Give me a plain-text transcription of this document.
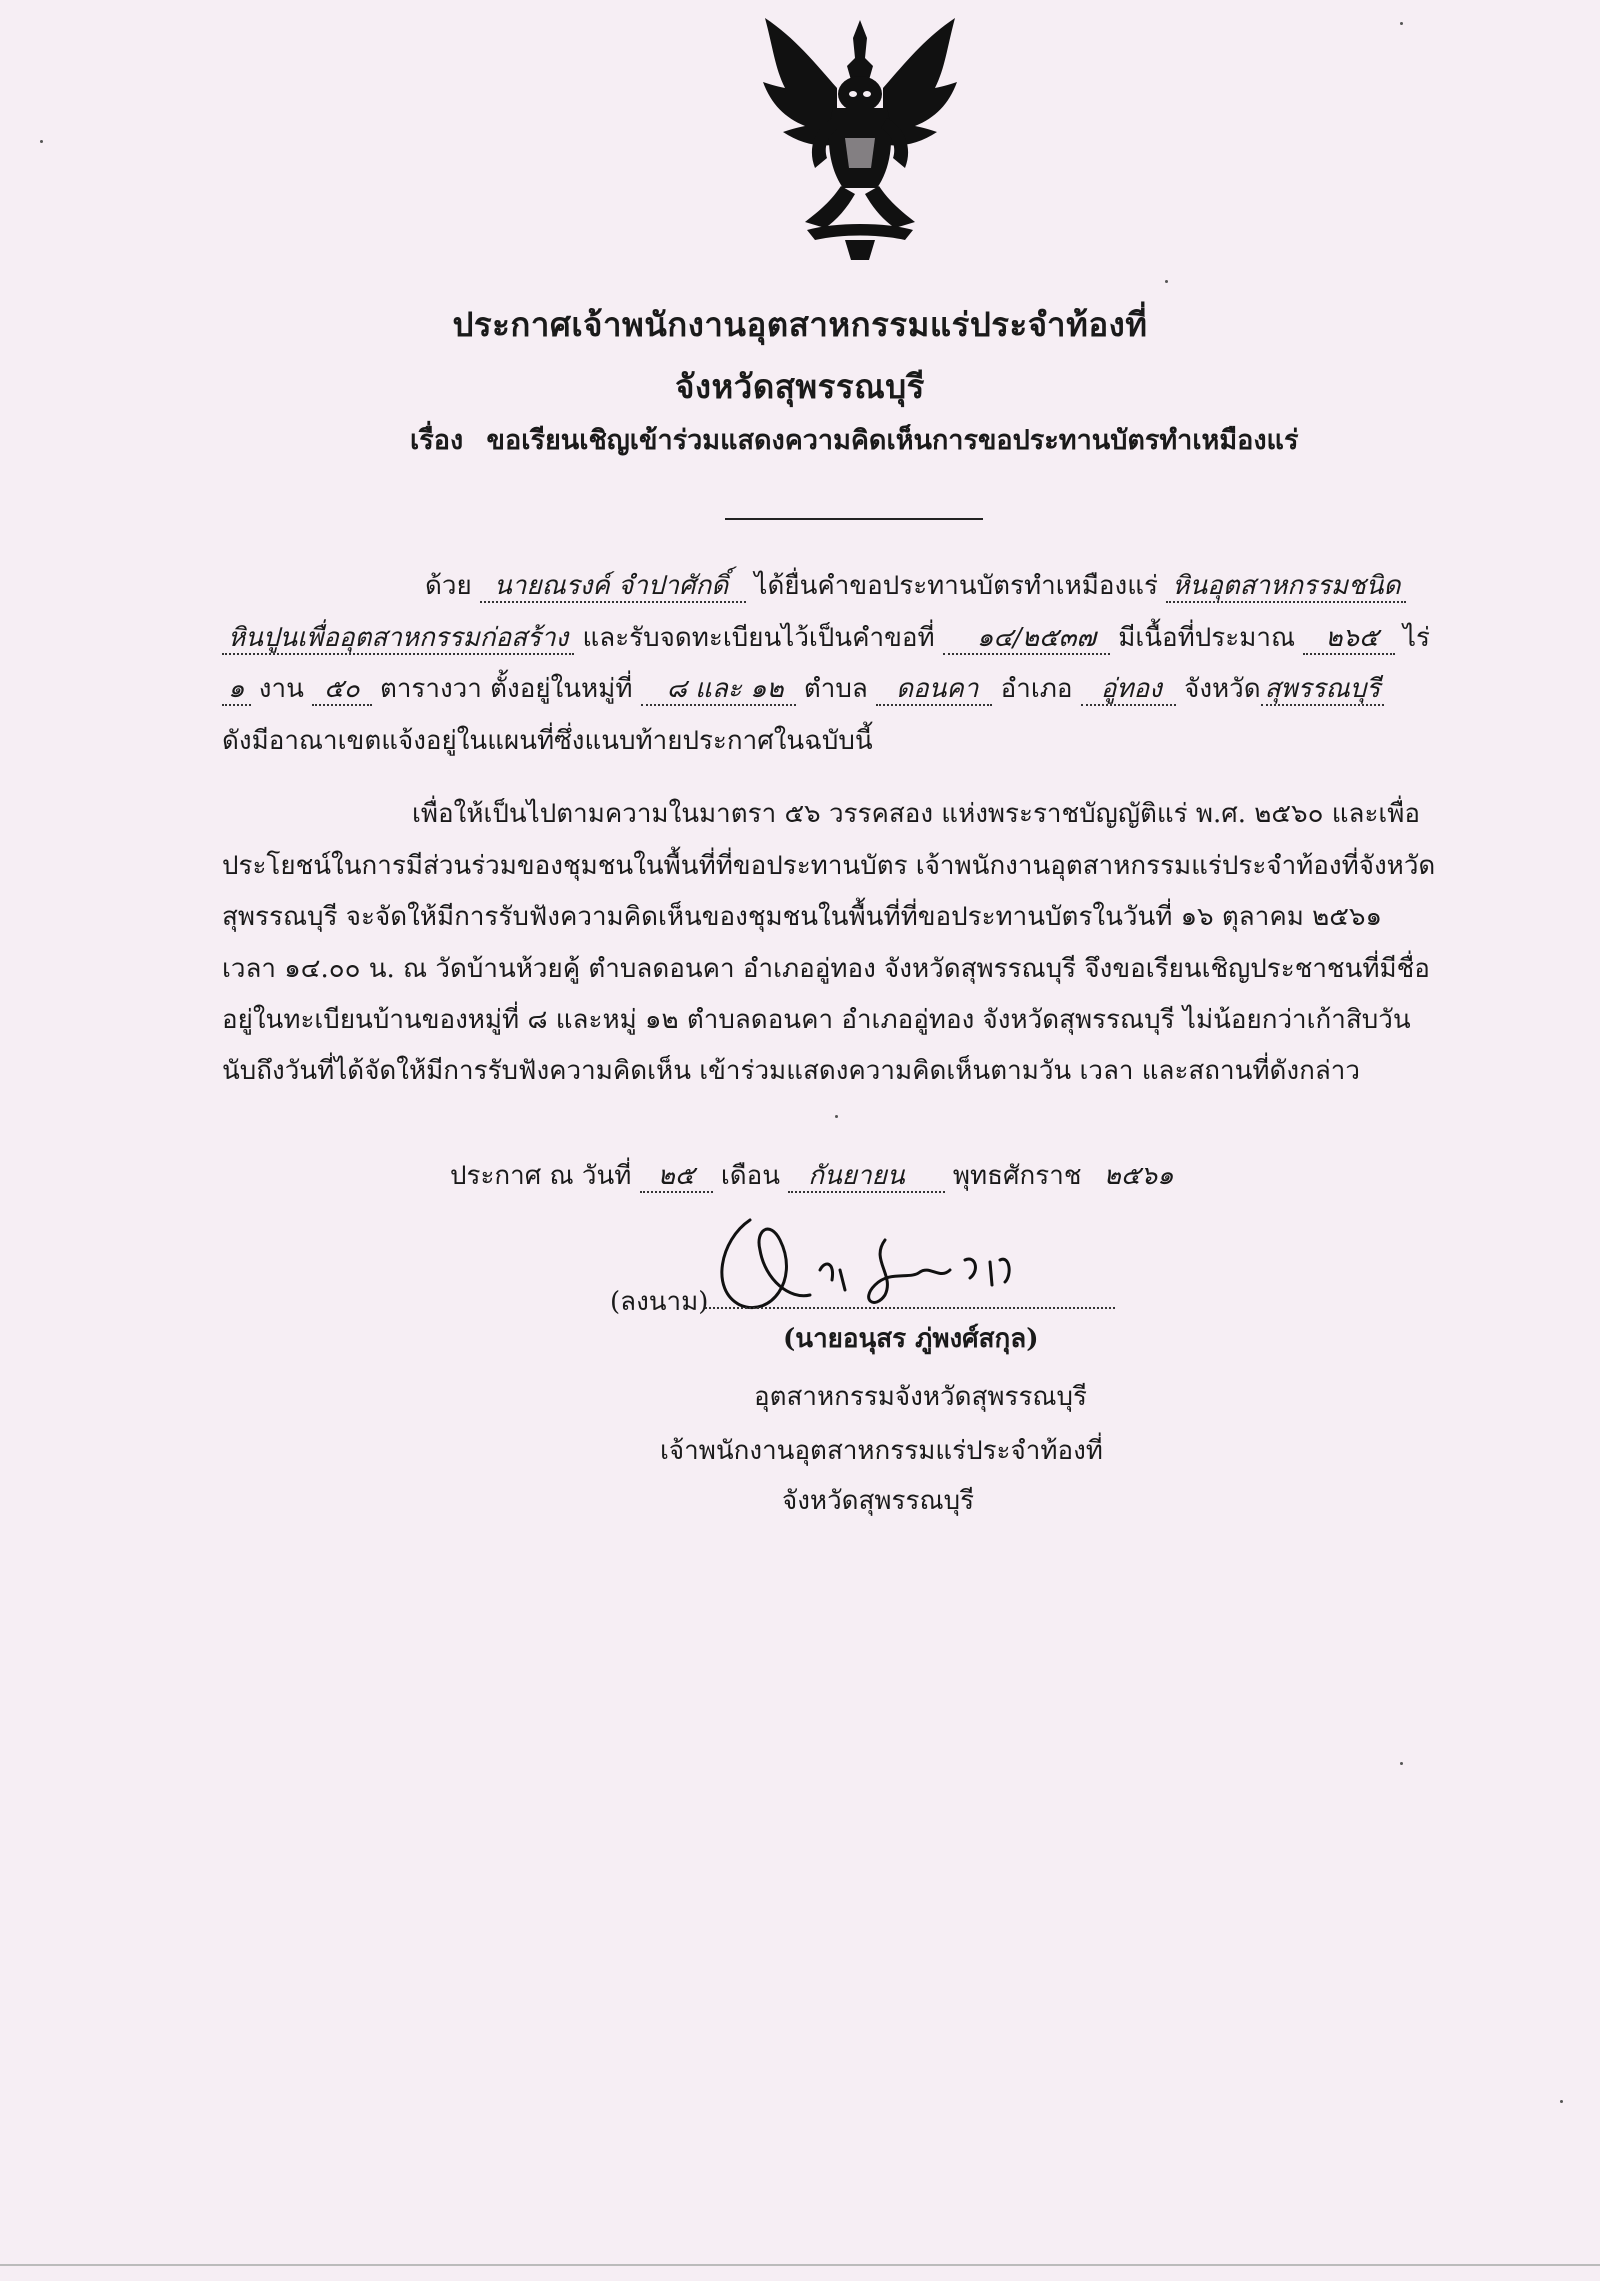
ประกาศเจ้าพนักงานอุตสาหกรรมแร่ประจำท้องที่
จังหวัดสุพรรณบุรี
เรื่อง ขอเรียนเชิญเข้าร่วมแสดงความคิดเห็นการขอประทานบัตรทำเหมืองแร่
ด้วย นายณรงค์ จำปาศักดิ์ ได้ยื่นคำขอประทานบัตรทำเหมืองแร่ หินอุตสาหกรรมชนิด
หินปูนเพื่ออุตสาหกรรมก่อสร้าง และรับจดทะเบียนไว้เป็นคำขอที่ ๑๔/๒๕๓๗ มีเนื้อที่ประมาณ ๒๖๕ ไร่
๑ งาน ๕๐ ตารางวา ตั้งอยู่ในหมู่ที่ ๘ และ ๑๒ ตำบล ดอนคา อำเภอ อู่ทอง จังหวัด สุพรรณบุรี
ดังมีอาณาเขตแจ้งอยู่ในแผนที่ซึ่งแนบท้ายประกาศในฉบับนี้
เพื่อให้เป็นไปตามความในมาตรา ๕๖ วรรคสอง แห่งพระราชบัญญัติแร่ พ.ศ. ๒๕๖๐ และเพื่อ
ประโยชน์ในการมีส่วนร่วมของชุมชนในพื้นที่ที่ขอประทานบัตร เจ้าพนักงานอุตสาหกรรมแร่ประจำท้องที่จังหวัด
สุพรรณบุรี จะจัดให้มีการรับฟังความคิดเห็นของชุมชนในพื้นที่ที่ขอประทานบัตรในวันที่ ๑๖ ตุลาคม ๒๕๖๑
เวลา ๑๔.๐๐ น. ณ วัดบ้านห้วยคู้ ตำบลดอนคา อำเภออู่ทอง จังหวัดสุพรรณบุรี จึงขอเรียนเชิญประชาชนที่มีชื่อ
อยู่ในทะเบียนบ้านของหมู่ที่ ๘ และหมู่ ๑๒ ตำบลดอนคา อำเภออู่ทอง จังหวัดสุพรรณบุรี ไม่น้อยกว่าเก้าสิบวัน
นับถึงวันที่ได้จัดให้มีการรับฟังความคิดเห็น เข้าร่วมแสดงความคิดเห็นตามวัน เวลา และสถานที่ดังกล่าว
ประกาศ ณ วันที่ ๒๕ เดือน กันยายน พุทธศักราช ๒๕๖๑
(ลงนาม)
(นายอนุสร ภู่พงศ์สกุล)
อุตสาหกรรมจังหวัดสุพรรณบุรี
เจ้าพนักงานอุตสาหกรรมแร่ประจำท้องที่
จังหวัดสุพรรณบุรี
